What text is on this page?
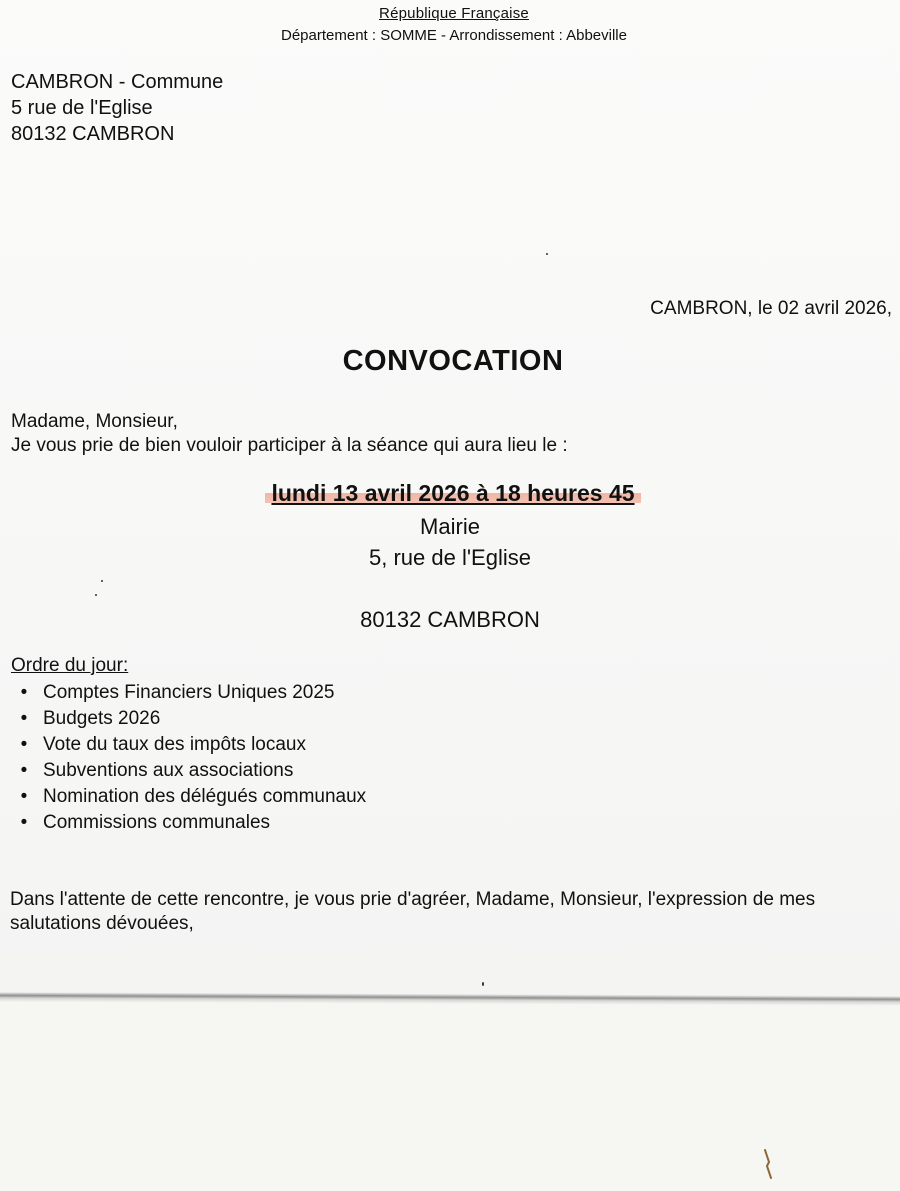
République Française
Département : SOMME - Arrondissement : Abbeville
CAMBRON - Commune
5 rue de l'Eglise
80132 CAMBRON
CAMBRON, le 02 avril 2026,
CONVOCATION
Madame, Monsieur,
Je vous prie de bien vouloir participer à la séance qui aura lieu le :
lundi 13 avril 2026 à 18 heures 45
Mairie
5, rue de l'Eglise
80132 CAMBRON
Ordre du jour:
• Comptes Financiers Uniques 2025
• Budgets 2026
• Vote du taux des impôts locaux
• Subventions aux associations
• Nomination des délégués communaux
• Commissions communales
Dans l'attente de cette rencontre, je vous prie d'agréer, Madame, Monsieur, l'expression de mes salutations dévouées,
